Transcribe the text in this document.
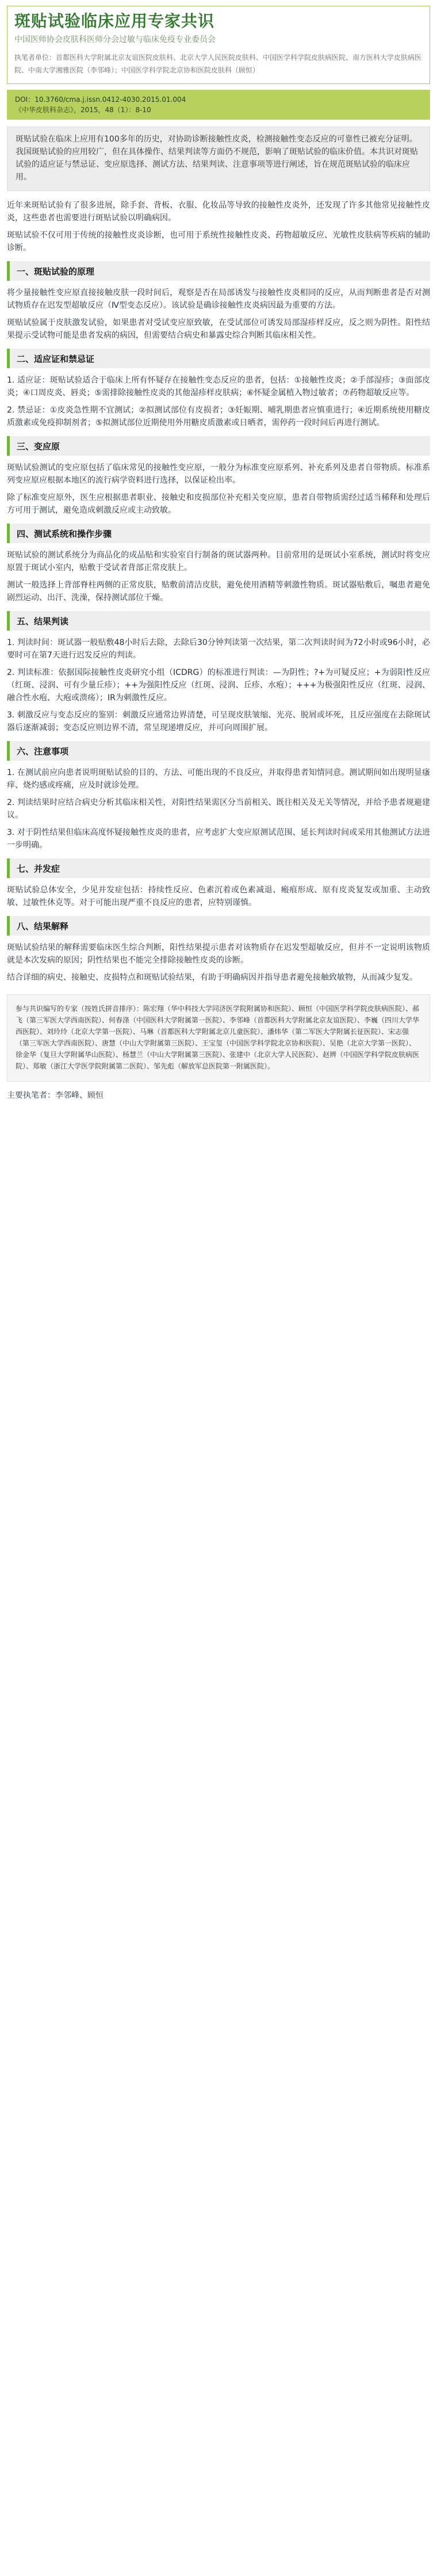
斑贴试验临床应用专家共识

中国医师协会皮肤科医师分会过敏与临床免疫专业委员会

执笔者单位：首都医科大学附属北京友谊医院皮肤科、北京大学人民医院皮肤科、中国医学科学院皮肤病医院、南方医科大学皮肤病医院、中南大学湘雅医院（李邻峰）；中国医学科学院北京协和医院皮肤科（顾恒）

DOI：10.3760/cma.j.issn.0412-4030.2015.01.004

《中华皮肤科杂志》，2015，48（1）：8-10

斑贴试验在临床上应用有100多年的历史，对协助诊断接触性皮炎，检测接触性变态反应的可靠性已被充分证明。我国斑贴试验的应用较广，但在具体操作、结果判读等方面仍不规范，影响了斑贴试验的临床价值。本共识对斑贴试验的适应证与禁忌证、变应原选择、测试方法、结果判读、注意事项等进行阐述，旨在规范斑贴试验的临床应用。

近年来斑贴试验有了很多进展，除手套、背板、衣服、化妆品等导致的接触性皮炎外，还发现了许多其他常见接触性皮炎，这些患者也需要进行斑贴试验以明确病因。

斑贴试验不仅可用于传统的接触性皮炎诊断，也可用于系统性接触性皮炎、药物超敏反应、光敏性皮肤病等疾病的辅助诊断。

一、斑贴试验的原理

将少量接触性变应原直接接触皮肤一段时间后，观察是否在局部诱发与接触性皮炎相同的反应，从而判断患者是否对测试物质存在迟发型超敏反应（Ⅳ型变态反应）。该试验是确诊接触性皮炎病因最为重要的方法。

斑贴试验属于皮肤激发试验，如果患者对受试变应原致敏，在受试部位可诱发局部湿疹样反应，反之则为阴性。阳性结果提示受试物可能是患者发病的病因，但需要结合病史和暴露史综合判断其临床相关性。

二、适应证和禁忌证

1. 适应证：斑贴试验适合于临床上所有怀疑存在接触性变态反应的患者，包括：①接触性皮炎；②手部湿疹；③面部皮炎；④口周皮炎、唇炎；⑤需排除接触性皮炎的其他湿疹样皮肤病；⑥怀疑金属植入物过敏者；⑦药物超敏反应等。

2. 禁忌证：①皮炎急性期不宜测试；②拟测试部位有皮损者；③妊娠期、哺乳期患者应慎重进行；④近期系统使用糖皮质激素或免疫抑制剂者；⑤拟测试部位近期使用外用糖皮质激素或日晒者，需停药一段时间后再进行测试。

三、变应原

斑贴试验测试的变应原包括了临床常见的接触性变应原，一般分为标准变应原系列、补充系列及患者自带物质。标准系列变应原应根据本地区的流行病学资料进行选择，以保证检出率。

除了标准变应原外，医生应根据患者职业、接触史和皮损部位补充相关变应原，患者自带物质需经过适当稀释和处理后方可用于测试，避免造成刺激反应或主动致敏。

四、测试系统和操作步骤

斑贴试验的测试系统分为商品化的成品贴和实验室自行制备的斑试器两种。目前常用的是斑试小室系统，测试时将变应原置于斑试小室内，贴敷于受试者背部正常皮肤上。

测试一般选择上背部脊柱两侧的正常皮肤，贴敷前清洁皮肤，避免使用酒精等刺激性物质。斑试器贴敷后，嘱患者避免剧烈运动、出汗、洗澡，保持测试部位干燥。

五、结果判读

1. 判读时间：斑试器一般贴敷48小时后去除，去除后30分钟判读第一次结果，第二次判读时间为72小时或96小时，必要时可在第7天进行迟发反应的判读。

2. 判读标准：依据国际接触性皮炎研究小组（ICDRG）的标准进行判读：—为阴性；?+为可疑反应；+为弱阳性反应（红斑、浸润、可有少量丘疹）；++为强阳性反应（红斑、浸润、丘疹、水疱）；+++为极强阳性反应（红斑、浸润、融合性水疱、大疱或溃疡）；IR为刺激性反应。

3. 刺激反应与变态反应的鉴别：刺激反应通常边界清楚，可呈现皮肤皱缩、光亮、脱屑或坏死，且反应强度在去除斑试器后逐渐减弱；变态反应则边界不清，常呈现递增反应，并可向周围扩展。

六、注意事项

1. 在测试前应向患者说明斑贴试验的目的、方法、可能出现的不良反应，并取得患者知情同意。测试期间如出现明显瘙痒、烧灼感或疼痛，应及时就诊处理。

2. 判读结果时应结合病史分析其临床相关性，对阳性结果需区分当前相关、既往相关及无关等情况，并给予患者规避建议。

3. 对于阴性结果但临床高度怀疑接触性皮炎的患者，应考虑扩大变应原测试范围、延长判读时间或采用其他测试方法进一步明确。

七、并发症

斑贴试验总体安全，少见并发症包括：持续性反应、色素沉着或色素减退、瘢痕形成、原有皮炎复发或加重、主动致敏、过敏性休克等。对于可能出现严重不良反应的患者，应特别谨慎。

八、结果解释

斑贴试验结果的解释需要临床医生综合判断，阳性结果提示患者对该物质存在迟发型超敏反应，但并不一定说明该物质就是本次发病的原因；阴性结果也不能完全排除接触性皮炎的诊断。

结合详细的病史、接触史、皮损特点和斑贴试验结果，有助于明确病因并指导患者避免接触致敏物，从而减少复发。

参与共识编写的专家（按姓氏拼音排序）：陈宏翔（华中科技大学同济医学院附属协和医院）、顾恒（中国医学科学院皮肤病医院）、郝飞（第三军医大学西南医院）、何春涤（中国医科大学附属第一医院）、李邻峰（首都医科大学附属北京友谊医院）、李巍（四川大学华西医院）、刘玲玲（北京大学第一医院）、马琳（首都医科大学附属北京儿童医院）、潘炜华（第二军医大学附属长征医院）、宋志强（第三军医大学西南医院）、唐慧（中山大学附属第三医院）、王宝玺（中国医学科学院北京协和医院）、吴艳（北京大学第一医院）、徐金华（复旦大学附属华山医院）、杨慧兰（中山大学附属第三医院）、张建中（北京大学人民医院）、赵辨（中国医学科学院皮肤病医院）、郑敏（浙江大学医学院附属第二医院）、邹先彪（解放军总医院第一附属医院）。

主要执笔者：李邻峰、顾恒
